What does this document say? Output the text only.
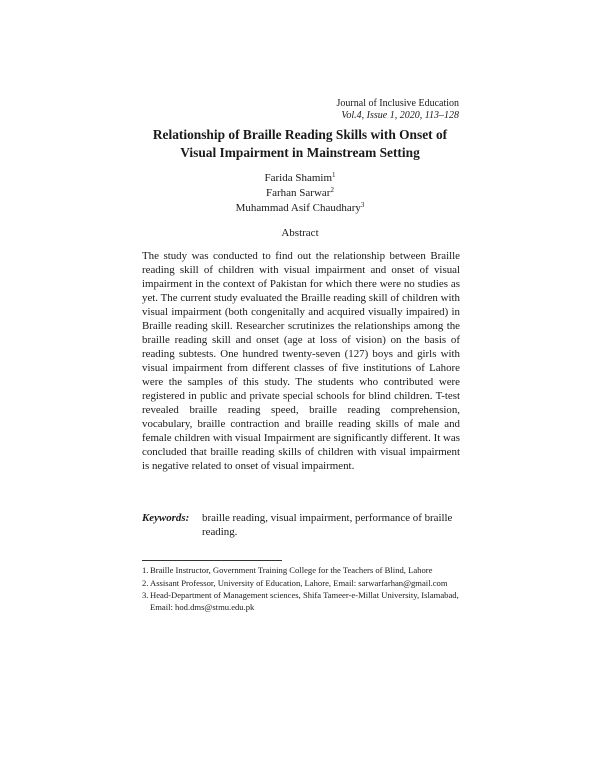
Journal of Inclusive Education
Vol.4, Issue 1, 2020, 113–128
Relationship of Braille Reading Skills with Onset of
Visual Impairment in Mainstream Setting
Farida Shamim$^1$
Farhan Sarwar$^2$
Muhammad Asif Chaudhary$^3$
Abstract

The study was conducted to find out the relationship between Braille reading skill of children with visual impairment and onset of visual impairment in the context of Pakistan for which there were no studies as yet. The current study evaluated the Braille reading skill of children with visual impairment (both congenitally and acquired visually impaired) in Braille reading skill. Researcher scrutinizes the relationships among the braille reading skill and onset (age at loss of vision) on the basis of reading subtests. One hundred twenty-seven (127) boys and girls with visual impairment from different classes of five institutions of Lahore were the samples of this study. The students who contributed were registered in public and private special schools for blind children. T-test revealed braille reading speed, braille reading comprehension, vocabulary, braille contraction and braille reading skills of male and female children with visual Impairment are significantly different. It was concluded that braille reading skills of children with visual impairment is negative related to onset of visual impairment.

Keywords:	braille reading, visual impairment, performance of braille reading.
1. Braille Instructor, Government Training College for the Teachers of Blind, Lahore
2. Assisant Professor, University of Education, Lahore, Email: sarwarfarhan@gmail.com
3. Head-Department of Management sciences, Shifa Tameer-e-Millat University, Islamabad, Email: hod.dms@stmu.edu.pk
